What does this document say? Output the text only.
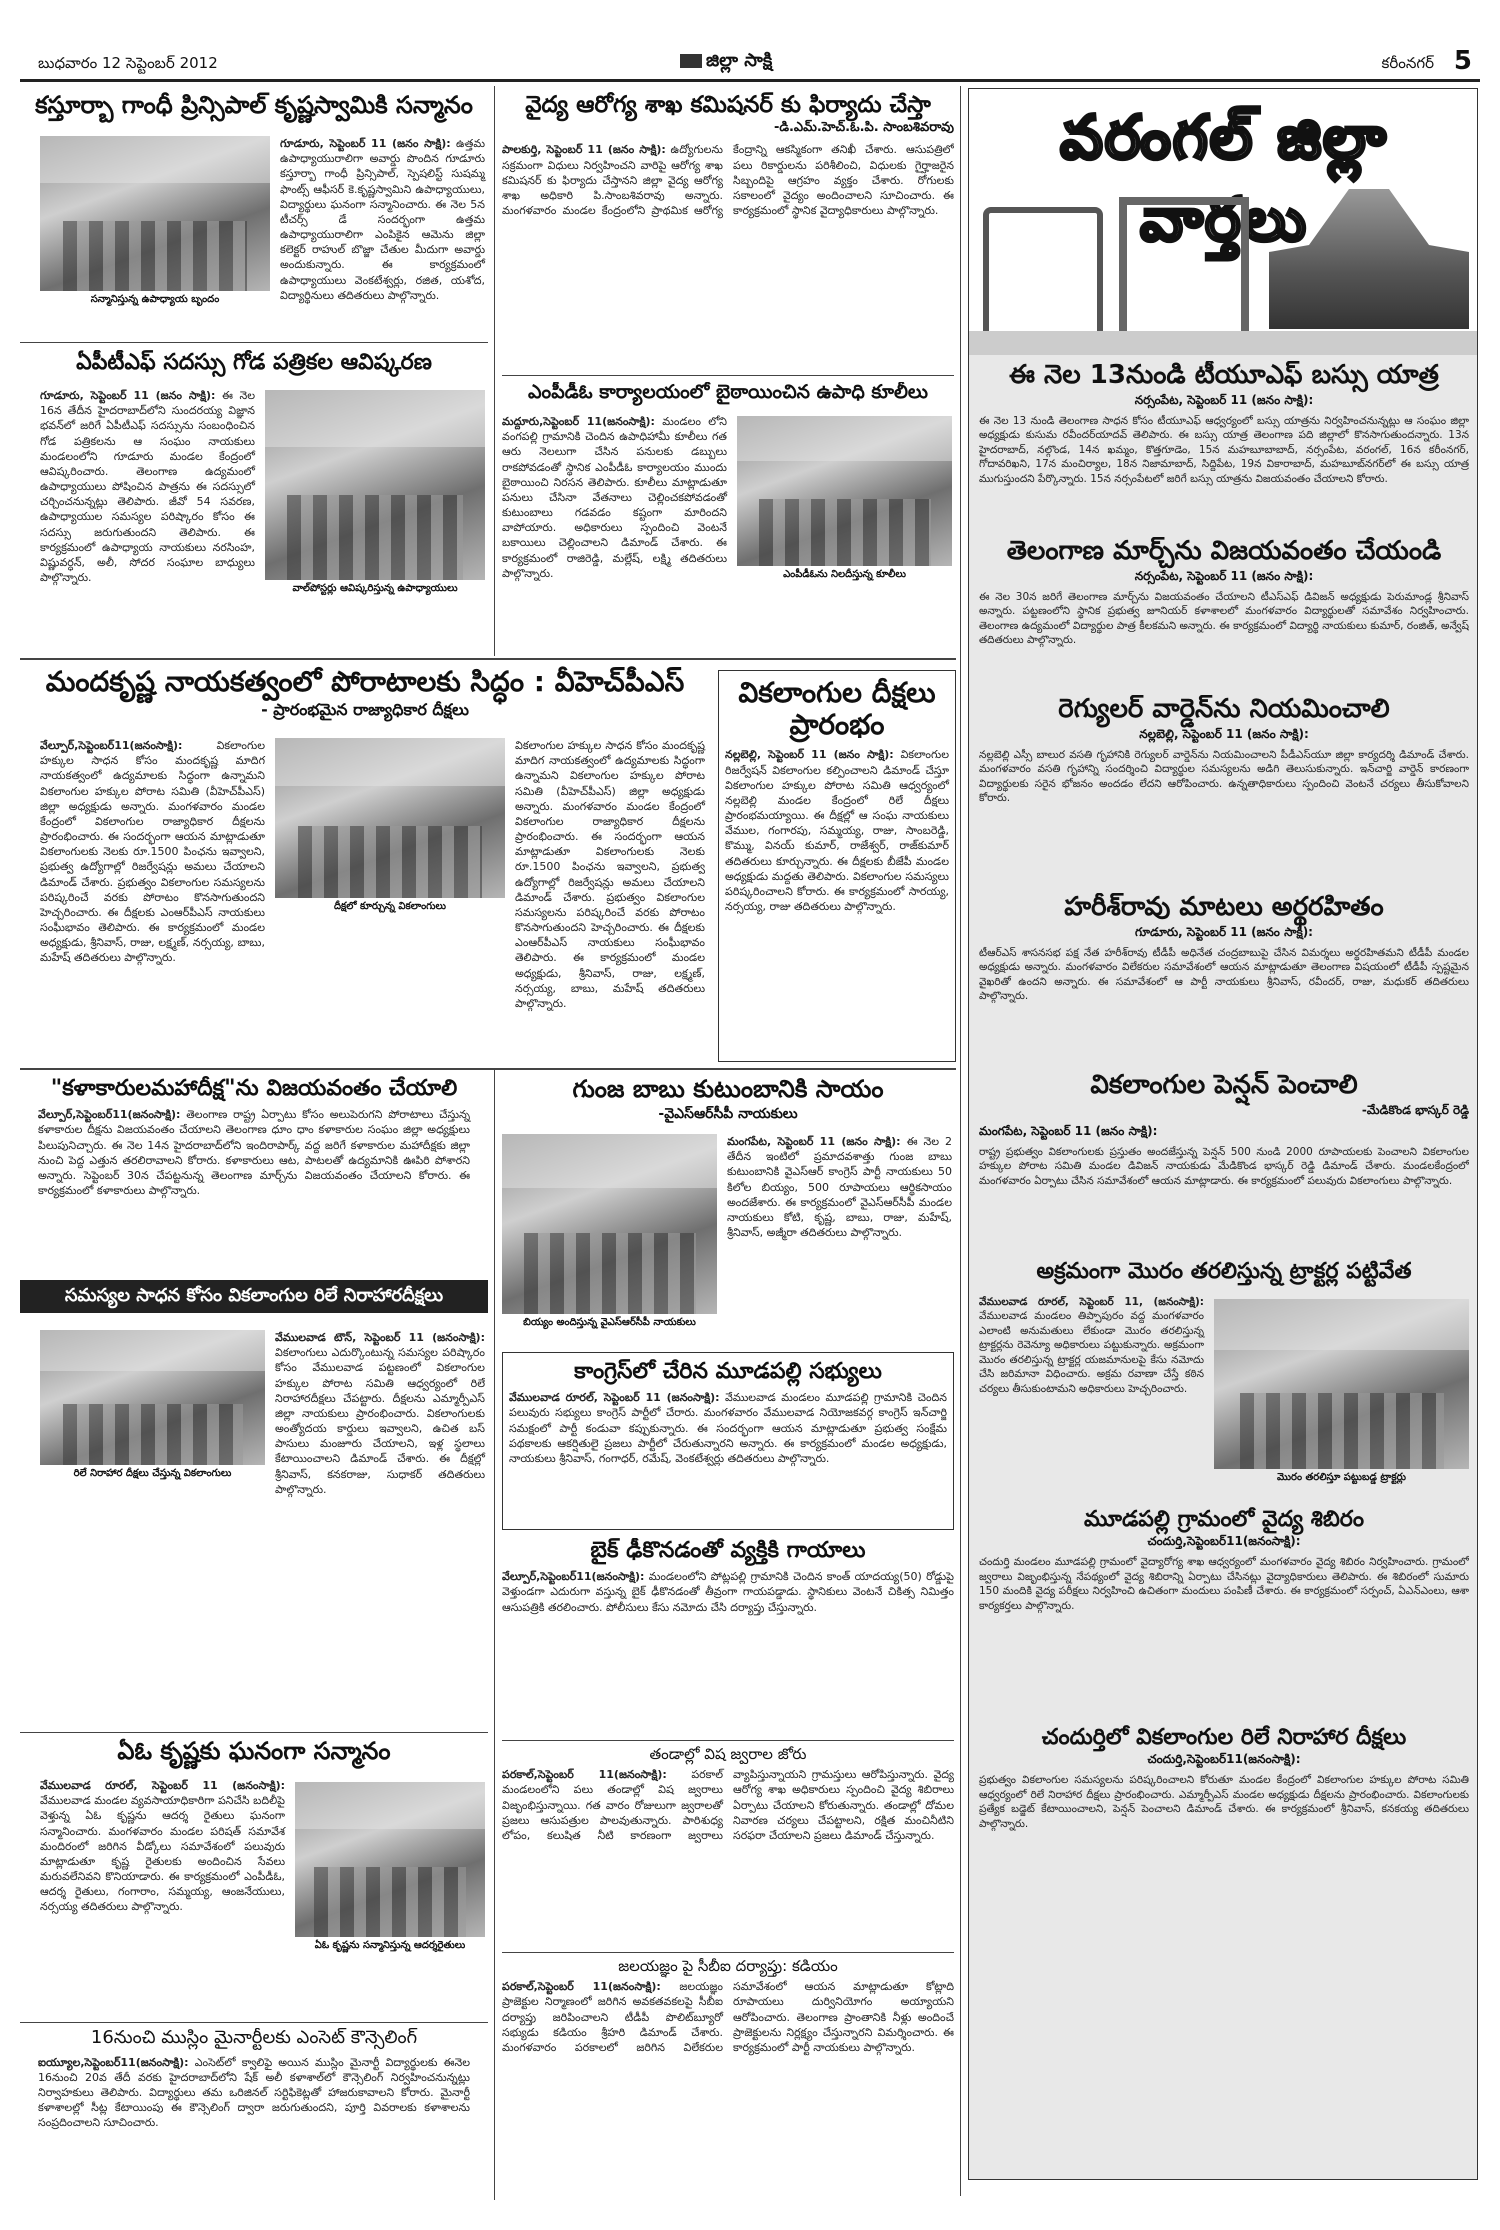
బుధవారం 12 సెప్టెంబర్ 2012	జిల్లా సాక్షి	కరీంనగర్ 5
కస్తూర్బా గాంధీ ప్రిన్సిపాల్ కృష్ణస్వామికి సన్మానం
సన్మానిస్తున్న ఉపాధ్యాయ బృందం
గూడూరు, సెప్టెంబర్ 11 (జనం సాక్షి): ఉత్తమ ఉపాధ్యాయురాలిగా అవార్డు పొందిన గూడూరు కస్తూర్బా గాంధీ ప్రిన్సిపాల్, స్పెషలిస్ట్ సుషమ్మ ఫాంట్స్ ఆఫీసర్ కె.కృష్ణస్వామిని ఉపాధ్యాయులు, విద్యార్థులు ఘనంగా సన్మానించారు. ఈ నెల 5న టీచర్స్ డే సందర్భంగా ఉత్తమ ఉపాధ్యాయురాలిగా ఎంపికైన ఆమెను జిల్లా కలెక్టర్ రాహుల్ బొజ్జా చేతుల మీదుగా అవార్డు అందుకున్నారు. ఈ కార్యక్రమంలో ఉపాధ్యాయులు వెంకటేశ్వర్లు, రజిత, యశోద, విద్యార్థినులు తదితరులు పాల్గొన్నారు.
ఏపీటీఎఫ్ సదస్సు గోడ పత్రికల ఆవిష్కరణ
గూడూరు, సెప్టెంబర్ 11 (జనం సాక్షి): ఈ నెల 16న తేదీన హైదరాబాద్‌లోని సుందరయ్య విజ్ఞాన భవన్‌లో జరిగే ఏపీటీఎఫ్ సదస్సును సంబంధించిన గోడ పత్రికలను ఆ సంఘం నాయకులు మండలంలోని గూడూరు మండల కేంద్రంలో ఆవిష్కరించారు. తెలంగాణ ఉద్యమంలో ఉపాధ్యాయులు పోషించిన పాత్రను ఈ సదస్సులో చర్చించనున్నట్లు తెలిపారు. జీవో 54 సవరణ, ఉపాధ్యాయుల సమస్యల పరిష్కారం కోసం ఈ సదస్సు జరుగుతుందని తెలిపారు. ఈ కార్యక్రమంలో ఉపాధ్యాయ నాయకులు నరసింహ, విష్ణువర్ధన్, అలీ, సోదర సంఘాల బాధ్యులు పాల్గొన్నారు.
వాల్‌పోస్టర్లు ఆవిష్కరిస్తున్న ఉపాధ్యాయులు
వైద్య ఆరోగ్య శాఖ కమిషనర్ కు ఫిర్యాదు చేస్తా
-డి.ఎమ్.హెచ్.ఓ.పి. సాంబశివరావు
పాలకుర్తి, సెప్టెంబర్ 11 (జనం సాక్షి): ఉద్యోగులను సక్రమంగా విధులు నిర్వహించని వారిపై ఆరోగ్య శాఖ కమిషనర్ కు ఫిర్యాదు చేస్తానని జిల్లా వైద్య ఆరోగ్య శాఖ అధికారి పి.సాంబశివరావు అన్నారు. మంగళవారం మండల కేంద్రంలోని ప్రాథమిక ఆరోగ్య కేంద్రాన్ని ఆకస్మికంగా తనిఖీ చేశారు. ఆసుపత్రిలో పలు రికార్డులను పరిశీలించి, విధులకు గైర్హాజరైన సిబ్బందిపై ఆగ్రహం వ్యక్తం చేశారు. రోగులకు సకాలంలో వైద్యం అందించాలని సూచించారు. ఈ కార్యక్రమంలో స్థానిక వైద్యాధికారులు పాల్గొన్నారు.
ఎంపీడీఓ కార్యాలయంలో బైఠాయించిన ఉపాధి కూలీలు
మద్దూరు,సెప్టెంబర్ 11(జనంసాక్షి): మండలం లోని వంగపల్లి గ్రామానికి చెందిన ఉపాధిహామీ కూలీలు గత ఆరు నెలలుగా చేసిన పనులకు డబ్బులు రాకపోవడంతో స్థానిక ఎంపీడీఓ కార్యాలయం ముందు బైఠాయించి నిరసన తెలిపారు. కూలీలు మాట్లాడుతూ పనులు చేసినా వేతనాలు చెల్లించకపోవడంతో కుటుంబాలు గడవడం కష్టంగా మారిందని వాపోయారు. అధికారులు స్పందించి వెంటనే బకాయిలు చెల్లించాలని డిమాండ్ చేశారు. ఈ కార్యక్రమంలో రాజిరెడ్డి, మల్లేష్, లక్ష్మి తదితరులు పాల్గొన్నారు.	ఎంపీడీఓను నిలదీస్తున్న కూలీలు
మందకృష్ణ నాయకత్వంలో పోరాటాలకు సిద్ధం : వీహెచ్‌పీఎస్
- ప్రారంభమైన రాజ్యాధికార దీక్షలు
వేల్పూర్,సెప్టెంబర్11(జనంసాక్షి):	వికలాంగుల హక్కుల సాధన కోసం మందకృష్ణ మాదిగ నాయకత్వంలో ఉద్యమాలకు సిద్ధంగా ఉన్నామని వికలాంగుల హక్కుల పోరాట సమితి (వీహెచ్‌పీఎస్) జిల్లా అధ్యక్షుడు అన్నారు. మంగళవారం మండల కేంద్రంలో వికలాంగుల రాజ్యాధికార దీక్షలను ప్రారంభించారు. ఈ సందర్భంగా ఆయన మాట్లాడుతూ వికలాంగులకు నెలకు రూ.1500 పింఛను ఇవ్వాలని, ప్రభుత్వ ఉద్యోగాల్లో రిజర్వేషన్లు అమలు చేయాలని డిమాండ్ చేశారు. ప్రభుత్వం వికలాంగుల సమస్యలను పరిష్కరించే వరకు పోరాటం కొనసాగుతుందని హెచ్చరించారు. ఈ దీక్షలకు ఎంఆర్‌పీఎస్ నాయకులు సంఘీభావం తెలిపారు. ఈ కార్యక్రమంలో మండల అధ్యక్షుడు, శ్రీనివాస్, రాజు, లక్ష్మణ్, నర్సయ్య, బాబు, మహేష్ తదితరులు పాల్గొన్నారు.
దీక్షలో కూర్చున్న వికలాంగులు
వికలాంగుల హక్కుల సాధన కోసం మందకృష్ణ మాదిగ నాయకత్వంలో ఉద్యమాలకు సిద్ధంగా ఉన్నామని వికలాంగుల హక్కుల పోరాట సమితి (వీహెచ్‌పీఎస్) జిల్లా అధ్యక్షుడు అన్నారు. మంగళవారం మండల కేంద్రంలో వికలాంగుల రాజ్యాధికార దీక్షలను ప్రారంభించారు. ఈ సందర్భంగా ఆయన మాట్లాడుతూ వికలాంగులకు నెలకు రూ.1500 పింఛను ఇవ్వాలని, ప్రభుత్వ ఉద్యోగాల్లో రిజర్వేషన్లు అమలు చేయాలని డిమాండ్ చేశారు. ప్రభుత్వం వికలాంగుల సమస్యలను పరిష్కరించే వరకు పోరాటం కొనసాగుతుందని హెచ్చరించారు. ఈ దీక్షలకు ఎంఆర్‌పీఎస్ నాయకులు సంఘీభావం తెలిపారు. ఈ కార్యక్రమంలో మండల అధ్యక్షుడు, శ్రీనివాస్, రాజు, లక్ష్మణ్, నర్సయ్య, బాబు, మహేష్ తదితరులు పాల్గొన్నారు.
వికలాంగుల దీక్షలు ప్రారంభం
నల్లబెల్లి, సెప్టెంబర్ 11 (జనం సాక్షి): వికలాంగుల రిజర్వేషన్ వికలాంగుల కల్పించాలని డిమాండ్ చేస్తూ వికలాంగుల హక్కుల పోరాట సమితి ఆధ్వర్యంలో నల్లబెల్లి మండల కేంద్రంలో రిలే దీక్షలు ప్రారంభమయ్యాయి. ఈ దీక్షల్లో ఆ సంఘ నాయకులు వేముల, గంగారపు, సమ్మయ్య, రాజు, సాంబరెడ్డి, కొమ్ము, వినయ్ కుమార్, రాజేశ్వర్, రాజ్‌కుమార్ తదితరులు కూర్చున్నారు. ఈ దీక్షలకు బీజేపీ మండల అధ్యక్షుడు మద్దతు తెలిపారు. వికలాంగుల సమస్యలు పరిష్కరించాలని కోరారు. ఈ కార్యక్రమంలో సారయ్య, నర్సయ్య, రాజు తదితరులు పాల్గొన్నారు.
"కళాకారులమహాదీక్ష"ను విజయవంతం చేయాలి
వేల్పూర్,సెప్టెంబర్11(జనంసాక్షి): తెలంగాణ రాష్ట్ర ఏర్పాటు కోసం అలుపెరుగని పోరాటాలు చేస్తున్న కళాకారుల దీక్షను విజయవంతం చేయాలని తెలంగాణ ధూం ధాం కళాకారుల సంఘం జిల్లా అధ్యక్షులు పిలుపునిచ్చారు. ఈ నెల 14న హైదరాబాద్‌లోని ఇందిరాపార్క్ వద్ద జరిగే కళాకారుల మహాదీక్షకు జిల్లా నుంచి పెద్ద ఎత్తున తరలిరావాలని కోరారు. కళాకారులు ఆట, పాటలతో ఉద్యమానికి ఊపిరి పోశారని అన్నారు. సెప్టెంబర్ 30న చేపట్టనున్న తెలంగాణ మార్చ్‌ను విజయవంతం చేయాలని కోరారు. ఈ కార్యక్రమంలో కళాకారులు పాల్గొన్నారు.
సమస్యల సాధన కోసం వికలాంగుల రిలే నిరాహారదీక్షలు
రిలే నిరాహార దీక్షలు చేస్తున్న వికలాంగులు
వేములవాడ టౌన్, సెప్టెంబర్ 11 (జనంసాక్షి): వికలాంగులు ఎదుర్కొంటున్న సమస్యల పరిష్కారం కోసం వేములవాడ పట్టణంలో వికలాంగుల హక్కుల పోరాట సమితి ఆధ్వర్యంలో రిలే నిరాహారదీక్షలు చేపట్టారు. దీక్షలను ఎమ్మార్పీఎస్ జిల్లా నాయకులు ప్రారంభించారు. వికలాంగులకు అంత్యోదయ కార్డులు ఇవ్వాలని, ఉచిత బస్ పాసులు మంజూరు చేయాలని, ఇళ్ల స్థలాలు కేటాయించాలని డిమాండ్ చేశారు. ఈ దీక్షల్లో శ్రీనివాస్, కనకరాజు, సుధాకర్ తదితరులు పాల్గొన్నారు.
ఏఓ కృష్ణకు ఘనంగా సన్మానం
వేములవాడ రూరల్, సెప్టెంబర్ 11 (జనంసాక్షి): వేములవాడ మండల వ్యవసాయాధికారిగా పనిచేసి బదిలీపై వెళ్తున్న ఏఓ కృష్ణను ఆదర్శ రైతులు ఘనంగా సన్మానించారు. మంగళవారం మండల పరిషత్ సమావేశ మందిరంలో జరిగిన వీడ్కోలు సమావేశంలో పలువురు మాట్లాడుతూ కృష్ణ రైతులకు అందించిన సేవలు మరువలేనివని కొనియాడారు. ఈ కార్యక్రమంలో ఎంపీడీఓ, ఆదర్శ రైతులు, గంగారాం, సమ్మయ్య, ఆంజనేయులు, నర్సయ్య తదితరులు పాల్గొన్నారు.
ఏఓ కృష్ణను సన్మానిస్తున్న ఆదర్శరైతులు
16నుంచి ముస్లిం మైనార్టీలకు ఎంసెట్ కౌన్సెలింగ్
ఐయ్యూల,సెప్టెంబర్11(జనంసాక్షి): ఎంసెట్‌లో క్వాలిఫై అయిన ముస్లిం మైనార్టీ విద్యార్థులకు ఈనెల 16నుంచి 20వ తేదీ వరకు హైదరాబాద్‌లోని షేక్ అలీ కళాశాల్‌లో కౌన్సెలింగ్ నిర్వహించనున్నట్లు నిర్వాహకులు తెలిపారు. విద్యార్థులు తమ ఒరిజినల్ సర్టిఫికెట్లతో హాజరుకావాలని కోరారు. మైనార్టీ కళాశాలల్లో సీట్ల కేటాయింపు ఈ కౌన్సెలింగ్ ద్వారా జరుగుతుందని, పూర్తి వివరాలకు కళాశాలను సంప్రదించాలని సూచించారు.
గుంజ బాబు కుటుంబానికి సాయం
-వైఎస్ఆర్‌సీపీ నాయకులు
బియ్యం అందిస్తున్న వైఎస్ఆర్‌సీపీ నాయకులు
మంగపేట, సెప్టెంబర్ 11 (జనం సాక్షి): ఈ నెల 2 తేదీన ఇంటిలో ప్రమాదవశాత్తు గుంజ బాబు కుటుంబానికి వైఎస్ఆర్ కాంగ్రెస్ పార్టీ నాయకులు 50 కిలోల బియ్యం, 500 రూపాయలు ఆర్థికసాయం అందజేశారు. ఈ కార్యక్రమంలో వైఎస్ఆర్‌సీపీ మండల నాయకులు కోటి, కృష్ణ, బాబు, రాజు, మహేష్, శ్రీనివాస్, అజ్మీరా తదితరులు పాల్గొన్నారు.
కాంగ్రెస్‌లో చేరిన మూడపల్లి సభ్యులు
వేములవాడ రూరల్, సెప్టెంబర్ 11 (జనంసాక్షి): వేములవాడ మండలం మూడపల్లి గ్రామానికి చెందిన పలువురు సభ్యులు కాంగ్రెస్ పార్టీలో చేరారు. మంగళవారం వేములవాడ నియోజకవర్గ కాంగ్రెస్ ఇన్‌చార్జి సమక్షంలో పార్టీ కండువా కప్పుకున్నారు. ఈ సందర్భంగా ఆయన మాట్లాడుతూ ప్రభుత్వ సంక్షేమ పథకాలకు ఆకర్షితులై ప్రజలు పార్టీలో చేరుతున్నారని అన్నారు. ఈ కార్యక్రమంలో మండల అధ్యక్షుడు, నాయకులు శ్రీనివాస్, గంగాధర్, రమేష్, వెంకటేశ్వర్లు తదితరులు పాల్గొన్నారు.
బైక్ ఢీకొనడంతో వ్యక్తికి గాయాలు
వేల్పూర్,సెప్టెంబర్11(జనంసాక్షి): మండలంలోని పోట్లపల్లి గ్రామానికి చెందిన కాంత్ యాదయ్య(50) రోడ్డుపై వెళ్తుండగా ఎదురుగా వస్తున్న బైక్ ఢీకొనడంతో తీవ్రంగా గాయపడ్డాడు. స్థానికులు వెంటనే చికిత్స నిమిత్తం ఆసుపత్రికి తరలించారు. పోలీసులు కేసు నమోదు చేసి దర్యాప్తు చేస్తున్నారు.
తండాల్లో విష జ్వరాల జోరు
పరకాల్,సెప్టెంబర్ 11(జనంసాక్షి): పరకాల్ మండలంలోని పలు తండాల్లో విష జ్వరాలు విజృంభిస్తున్నాయి. గత వారం రోజులుగా జ్వరాలతో ప్రజలు ఆసుపత్రుల పాలవుతున్నారు. పారిశుధ్య లోపం, కలుషిత నీటి కారణంగా జ్వరాలు వ్యాపిస్తున్నాయని గ్రామస్తులు ఆరోపిస్తున్నారు. వైద్య ఆరోగ్య శాఖ అధికారులు స్పందించి వైద్య శిబిరాలు ఏర్పాటు చేయాలని కోరుతున్నారు. తండాల్లో దోమల నివారణ చర్యలు చేపట్టాలని, రక్షిత మంచినీటిని సరఫరా చేయాలని ప్రజలు డిమాండ్ చేస్తున్నారు.
జలయజ్ఞం పై సీబీఐ దర్యాప్తు: కడియం
పరకాల్,సెప్టెంబర్ 11(జనంసాక్షి): జలయజ్ఞం ప్రాజెక్టుల నిర్మాణంలో జరిగిన అవకతవకలపై సీబీఐ దర్యాప్తు జరిపించాలని టీడీపీ పొలిట్‌బ్యూరో సభ్యుడు కడియం శ్రీహరి డిమాండ్ చేశారు. మంగళవారం పరకాలలో జరిగిన విలేకరుల సమావేశంలో ఆయన మాట్లాడుతూ కోట్లాది రూపాయలు దుర్వినియోగం అయ్యాయని ఆరోపించారు. తెలంగాణ ప్రాంతానికి నీళ్లు అందించే ప్రాజెక్టులను నిర్లక్ష్యం చేస్తున్నారని విమర్శించారు. ఈ కార్యక్రమంలో పార్టీ నాయకులు పాల్గొన్నారు.
వరంగల్ జిల్లా వార్తలు
ఈ నెల 13నుండి టీయూఎఫ్ బస్సు యాత్ర
నర్సంపేట, సెప్టెంబర్ 11 (జనం సాక్షి):
ఈ నెల 13 నుండి తెలంగాణ సాధన కోసం టీయూఎఫ్ ఆధ్వర్యంలో బస్సు యాత్రను నిర్వహించనున్నట్లు ఆ సంఘం జిల్లా అధ్యక్షుడు కుసుమ రవీందర్‌యాదవ్ తెలిపారు. ఈ బస్సు యాత్ర తెలంగాణ పది జిల్లాలో కొనసాగుతుందన్నారు. 13న హైదరాబాద్, నల్గొండ, 14న ఖమ్మం, కొత్తగూడెం, 15న మహబూబాబాద్, నర్సంపేట, వరంగల్, 16న కరీంనగర్, గోదావరిఖని, 17న మంచిర్యాల, 18న నిజామాబాద్, సిద్దిపేట, 19న వికారాబాద్, మహబూబ్‌నగర్‌లో ఈ బస్సు యాత్ర ముగుస్తుందని పేర్కొన్నారు. 15న నర్సంపేటలో జరిగే బస్సు యాత్రను విజయవంతం చేయాలని కోరారు.
తెలంగాణ మార్చ్‌ను విజయవంతం చేయండి
నర్సంపేట, సెప్టెంబర్ 11 (జనం సాక్షి):
ఈ నెల 30న జరిగే తెలంగాణ మార్చ్‌ను విజయవంతం చేయాలని టీఎస్‌ఎఫ్ డివిజన్ అధ్యక్షుడు పెరుమాండ్ల శ్రీనివాస్ అన్నారు. పట్టణంలోని స్థానిక ప్రభుత్వ జూనియర్ కళాశాలలో మంగళవారం విద్యార్థులతో సమావేశం నిర్వహించారు. తెలంగాణ ఉద్యమంలో విద్యార్థుల పాత్ర కీలకమని అన్నారు. ఈ కార్యక్రమంలో విద్యార్థి నాయకులు కుమార్, రంజిత్, అన్వేష్ తదితరులు పాల్గొన్నారు.
రెగ్యులర్ వార్డెన్‌ను నియమించాలి
నల్లబెల్లి, సెప్టెంబర్ 11 (జనం సాక్షి):
నల్లబెల్లి ఎస్సీ బాలుర వసతి గృహానికి రెగ్యులర్ వార్డెన్‌ను నియమించాలని పీడీఎస్‌యూ జిల్లా కార్యదర్శి డిమాండ్ చేశారు. మంగళవారం వసతి గృహాన్ని సందర్శించి విద్యార్థుల సమస్యలను అడిగి తెలుసుకున్నారు. ఇన్‌చార్జి వార్డెన్ కారణంగా విద్యార్థులకు సరైన భోజనం అందడం లేదని ఆరోపించారు. ఉన్నతాధికారులు స్పందించి వెంటనే చర్యలు తీసుకోవాలని కోరారు.
హరీశ్‌రావు మాటలు అర్థరహితం
గూడూరు, సెప్టెంబర్ 11 (జనం సాక్షి):
టీఆర్ఎస్ శాసనసభ పక్ష నేత హరీశ్‌రావు టీడీపీ అధినేత చంద్రబాబుపై చేసిన విమర్శలు అర్థరహితమని టీడీపీ మండల అధ్యక్షుడు అన్నారు. మంగళవారం విలేకరుల సమావేశంలో ఆయన మాట్లాడుతూ తెలంగాణ విషయంలో టీడీపీ స్పష్టమైన వైఖరితో ఉందని అన్నారు. ఈ సమావేశంలో ఆ పార్టీ నాయకులు శ్రీనివాస్, రవీందర్, రాజు, మధుకర్ తదితరులు పాల్గొన్నారు.
వికలాంగుల పెన్షన్ పెంచాలి
-మేడికొండ భాస్కర్ రెడ్డి
మంగపేట, సెప్టెంబర్ 11 (జనం సాక్షి):
రాష్ట్ర ప్రభుత్వం వికలాంగులకు ప్రస్తుతం అందజేస్తున్న పెన్షన్ 500 నుండి 2000 రూపాయలకు పెంచాలని వికలాంగుల హక్కుల పోరాట సమితి మండల డివిజన్ నాయకుడు మేడికొండ భాస్కర్ రెడ్డి డిమాండ్ చేశారు. మండలకేంద్రంలో మంగళవారం ఏర్పాటు చేసిన సమావేశంలో ఆయన మాట్లాడారు. ఈ కార్యక్రమంలో పలువురు వికలాంగులు పాల్గొన్నారు.
అక్రమంగా మొరం తరలిస్తున్న ట్రాక్టర్ల పట్టివేత
వేములవాడ రూరల్, సెప్టెంబర్ 11, (జనంసాక్షి): వేములవాడ మండలం తిప్పాపురం వద్ద మంగళవారం ఎలాంటి అనుమతులు లేకుండా మొరం తరలిస్తున్న ట్రాక్టర్లను రెవెన్యూ అధికారులు పట్టుకున్నారు. అక్రమంగా మొరం తరలిస్తున్న ట్రాక్టర్ల యజమానులపై కేసు నమోదు చేసి జరిమానా విధించారు. అక్రమ రవాణా చేస్తే కఠిన చర్యలు తీసుకుంటామని అధికారులు హెచ్చరించారు.
మొరం తరలిస్తూ పట్టుబడ్డ ట్రాక్టర్లు
మూడపల్లి గ్రామంలో వైద్య శిబిరం
చందుర్తి,సెప్టెంబర్11(జనంసాక్షి):
చందుర్తి మండలం మూడపల్లి గ్రామంలో వైద్యారోగ్య శాఖ ఆధ్వర్యంలో మంగళవారం వైద్య శిబిరం నిర్వహించారు. గ్రామంలో జ్వరాలు విజృంభిస్తున్న నేపథ్యంలో వైద్య శిబిరాన్ని ఏర్పాటు చేసినట్లు వైద్యాధికారులు తెలిపారు. ఈ శిబిరంలో సుమారు 150 మందికి వైద్య పరీక్షలు నిర్వహించి ఉచితంగా మందులు పంపిణీ చేశారు. ఈ కార్యక్రమంలో సర్పంచ్, ఏఎన్ఎంలు, ఆశా కార్యకర్తలు పాల్గొన్నారు.
చందుర్తిలో వికలాంగుల రిలే నిరాహార దీక్షలు
చందుర్తి,సెప్టెంబర్11(జనంసాక్షి):
ప్రభుత్వం వికలాంగుల సమస్యలను పరిష్కరించాలని కోరుతూ మండల కేంద్రంలో వికలాంగుల హక్కుల పోరాట సమితి ఆధ్వర్యంలో రిలే నిరాహార దీక్షలు ప్రారంభించారు. ఎమ్మార్పీఎస్ మండల అధ్యక్షుడు దీక్షలను ప్రారంభించారు. వికలాంగులకు ప్రత్యేక బడ్జెట్ కేటాయించాలని, పెన్షన్ పెంచాలని డిమాండ్ చేశారు. ఈ కార్యక్రమంలో శ్రీనివాస్, కనకయ్య తదితరులు పాల్గొన్నారు.
